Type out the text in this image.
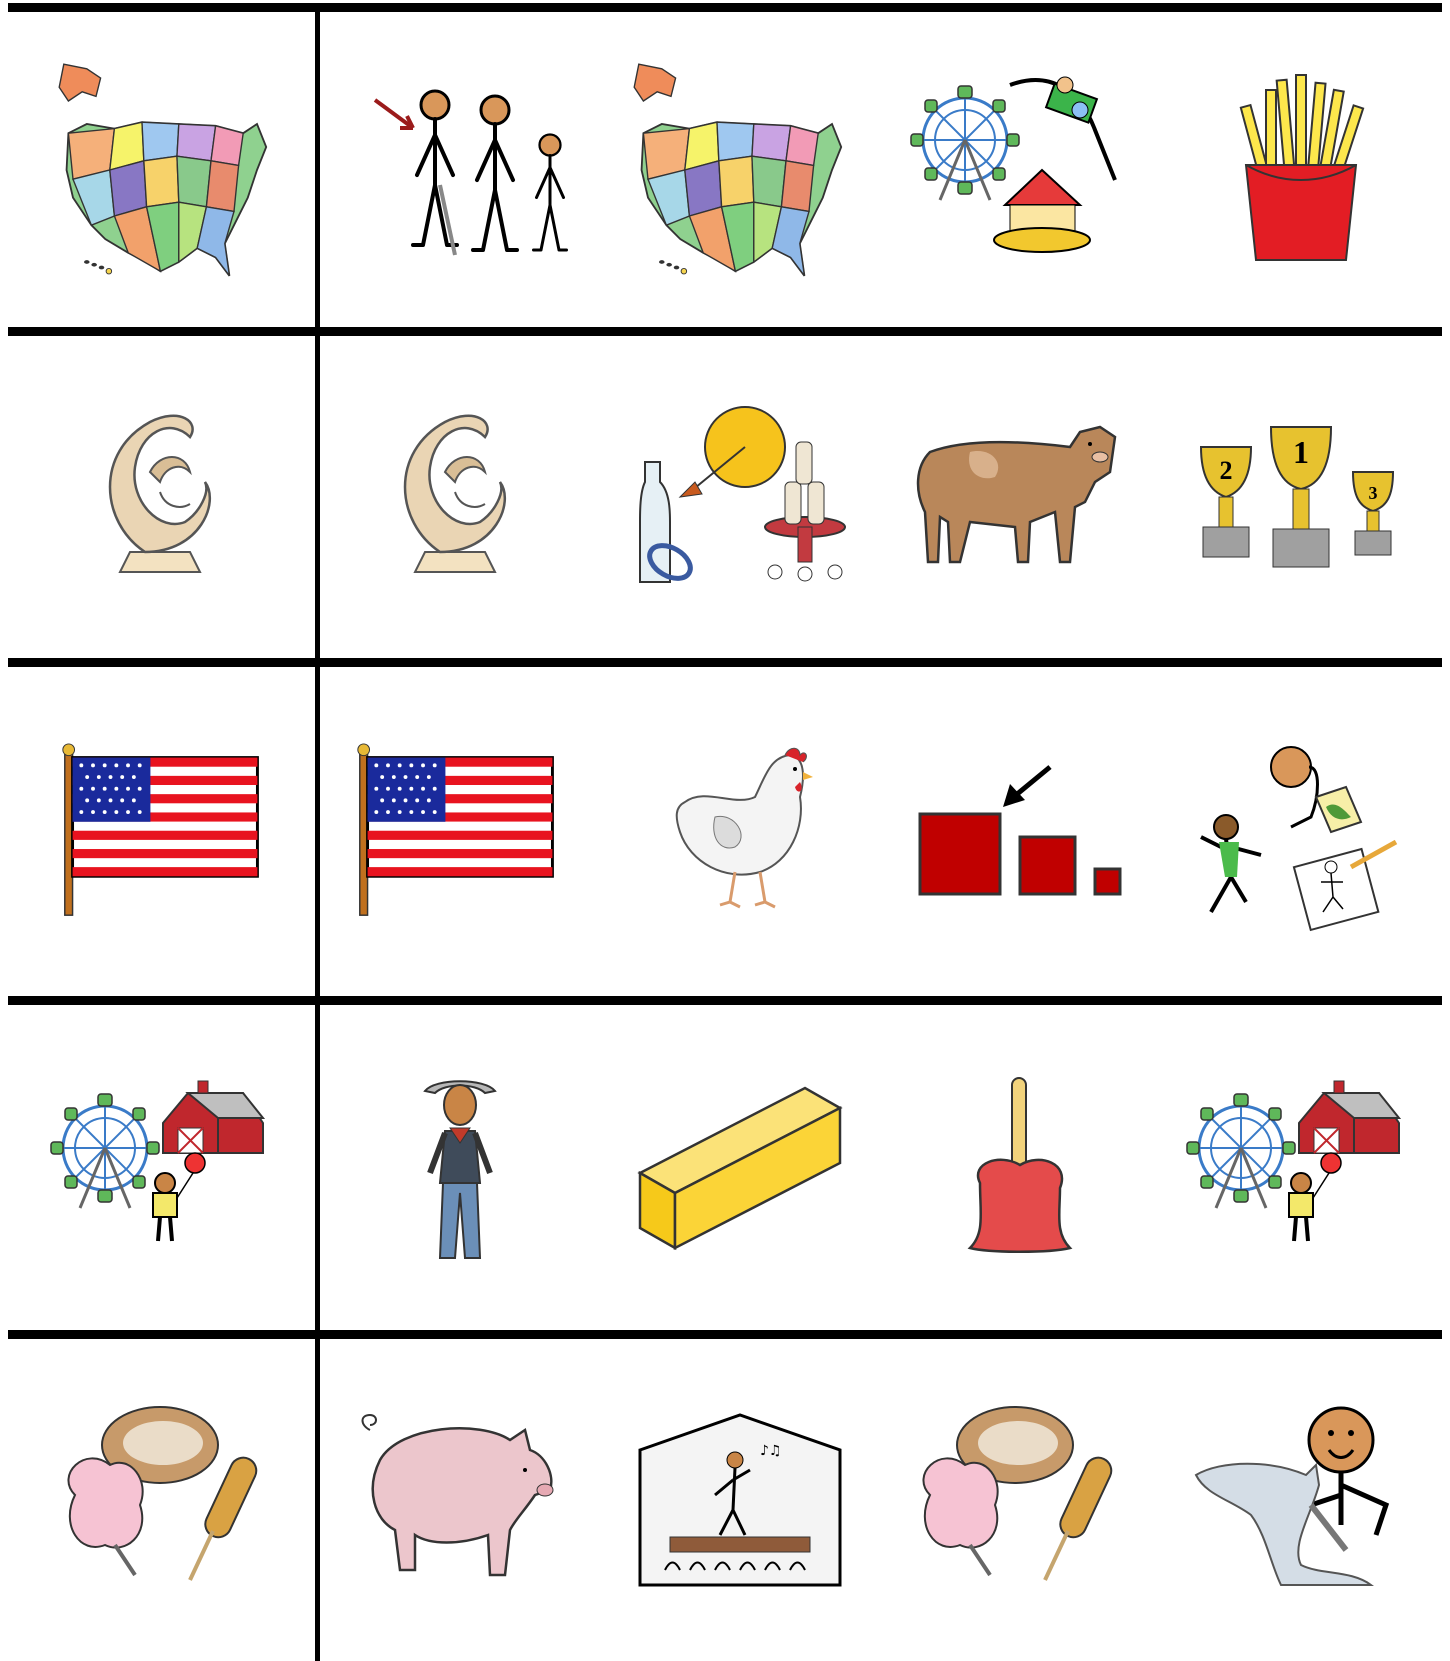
2
1
3
♪♫
